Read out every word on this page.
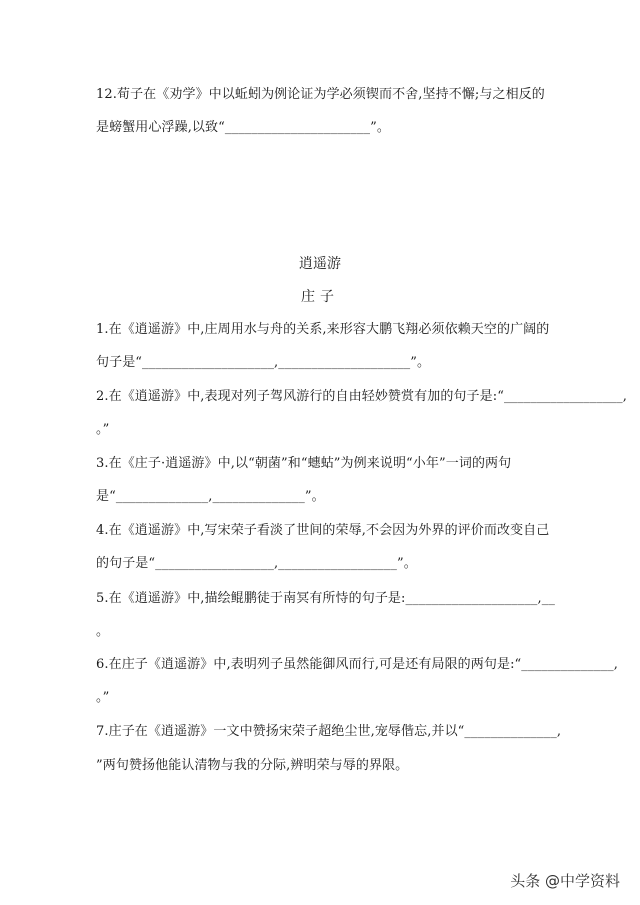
12.荀子在《劝学》中以蚯蚓为例论证为学必须锲而不舍,坚持不懈;与之相反的
是螃蟹用心浮躁,以致“______________________”。
逍遥游
庄子
1.在《逍遥游》中,庄周用水与舟的关系,来形容大鹏飞翔必须依赖天空的广阔的
句子是“____________________,____________________”。
2.在《逍遥游》中,表现对列子驾风游行的自由轻妙赞赏有加的句子是:“__________________,
。”
3.在《庄子·逍遥游》中,以“朝菌”和“蟪蛄”为例来说明“小年”一词的两句
是“______________,______________”。
4.在《逍遥游》中,写宋荣子看淡了世间的荣辱,不会因为外界的评价而改变自己
的句子是“__________________,__________________”。
5.在《逍遥游》中,描绘鲲鹏徒于南冥有所恃的句子是:____________________,__
。
6.在庄子《逍遥游》中,表明列子虽然能御风而行,可是还有局限的两句是:“______________,
。”
7.庄子在《逍遥游》一文中赞扬宋荣子超绝尘世,宠辱偕忘,并以“______________,
”两句赞扬他能认清物与我的分际,辨明荣与辱的界限。
头条 @中学资料
